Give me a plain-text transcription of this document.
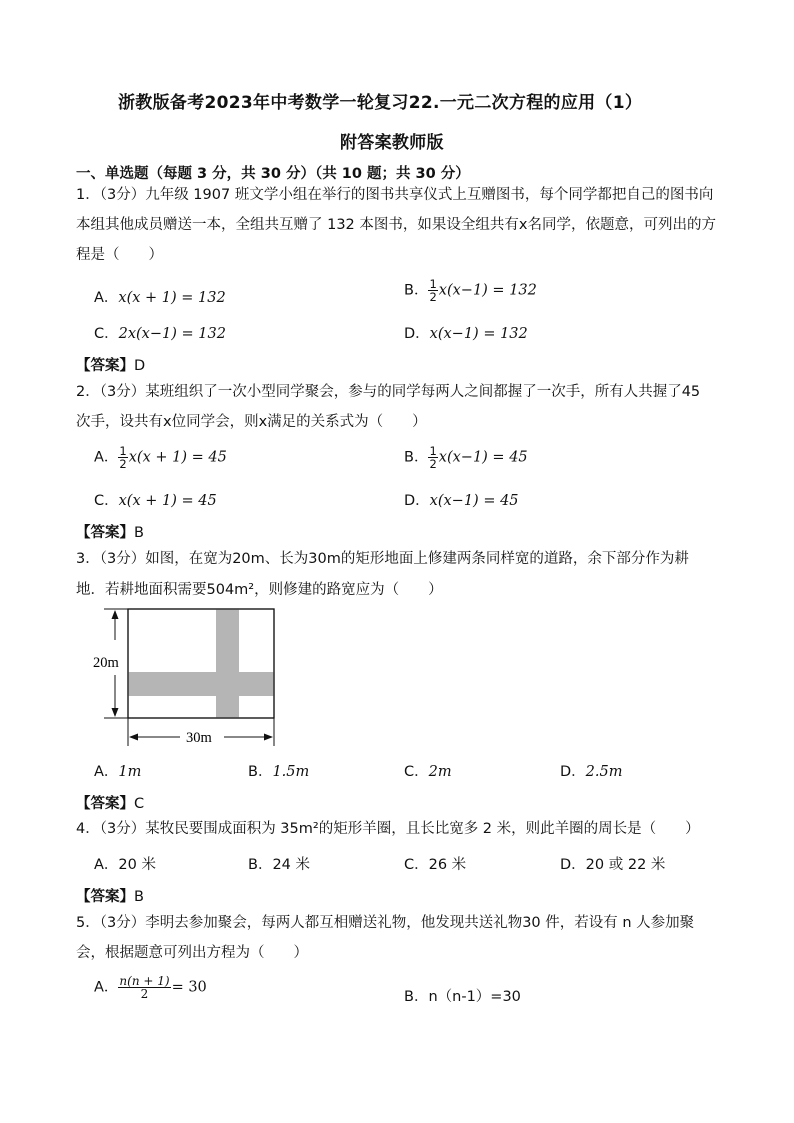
浙教版备考2023年中考数学一轮复习22.一元二次方程的应用（1）
附答案教师版
一、单选题（每题 3 分，共 30 分）（共 10 题；共 30 分）
1．（3分）九年级 1907 班文学小组在举行的图书共享仪式上互赠图书，每个同学都把自己的图书向
本组其他成员赠送一本，全组共互赠了 132 本图书，如果设全组共有x名同学，依题意，可列出的方
程是（　　）
A．x(x + 1) = 132	B． $\frac{1}{2} x(x-1) = 132$
C．2x(x−1) = 132	D．x(x−1) = 132
【答案】D
2．（3分）某班组织了一次小型同学聚会，参与的同学每两人之间都握了一次手，所有人共握了45
次手，设共有x位同学会，则x满足的关系式为（　　）
A． $\frac{1}{2} x(x + 1) = 45$	B． $\frac{1}{2} x(x-1) = 45$
C．x(x + 1) = 45	D．x(x−1) = 45
【答案】B
3．（3分）如图，在宽为20m、长为30m的矩形地面上修建两条同样宽的道路，余下部分作为耕
地．若耕地面积需要504m²，则修建的路宽应为（　　）
20m
30m
A．1m	B．1.5m	C．2m	D．2.5m
【答案】C
4．（3分）某牧民要围成面积为 35m²的矩形羊圈，且长比宽多 2 米，则此羊圈的周长是（　　）
A．20 米	B．24 米	C．26 米	D．20 或 22 米
【答案】B
5．（3分）李明去参加聚会，每两人都互相赠送礼物，他发现共送礼物30 件，若设有 n 人参加聚
会，根据题意可列出方程为（　　）
A． $\frac{n(n + 1)}{2} = 30$
B．n（n-1）=30
